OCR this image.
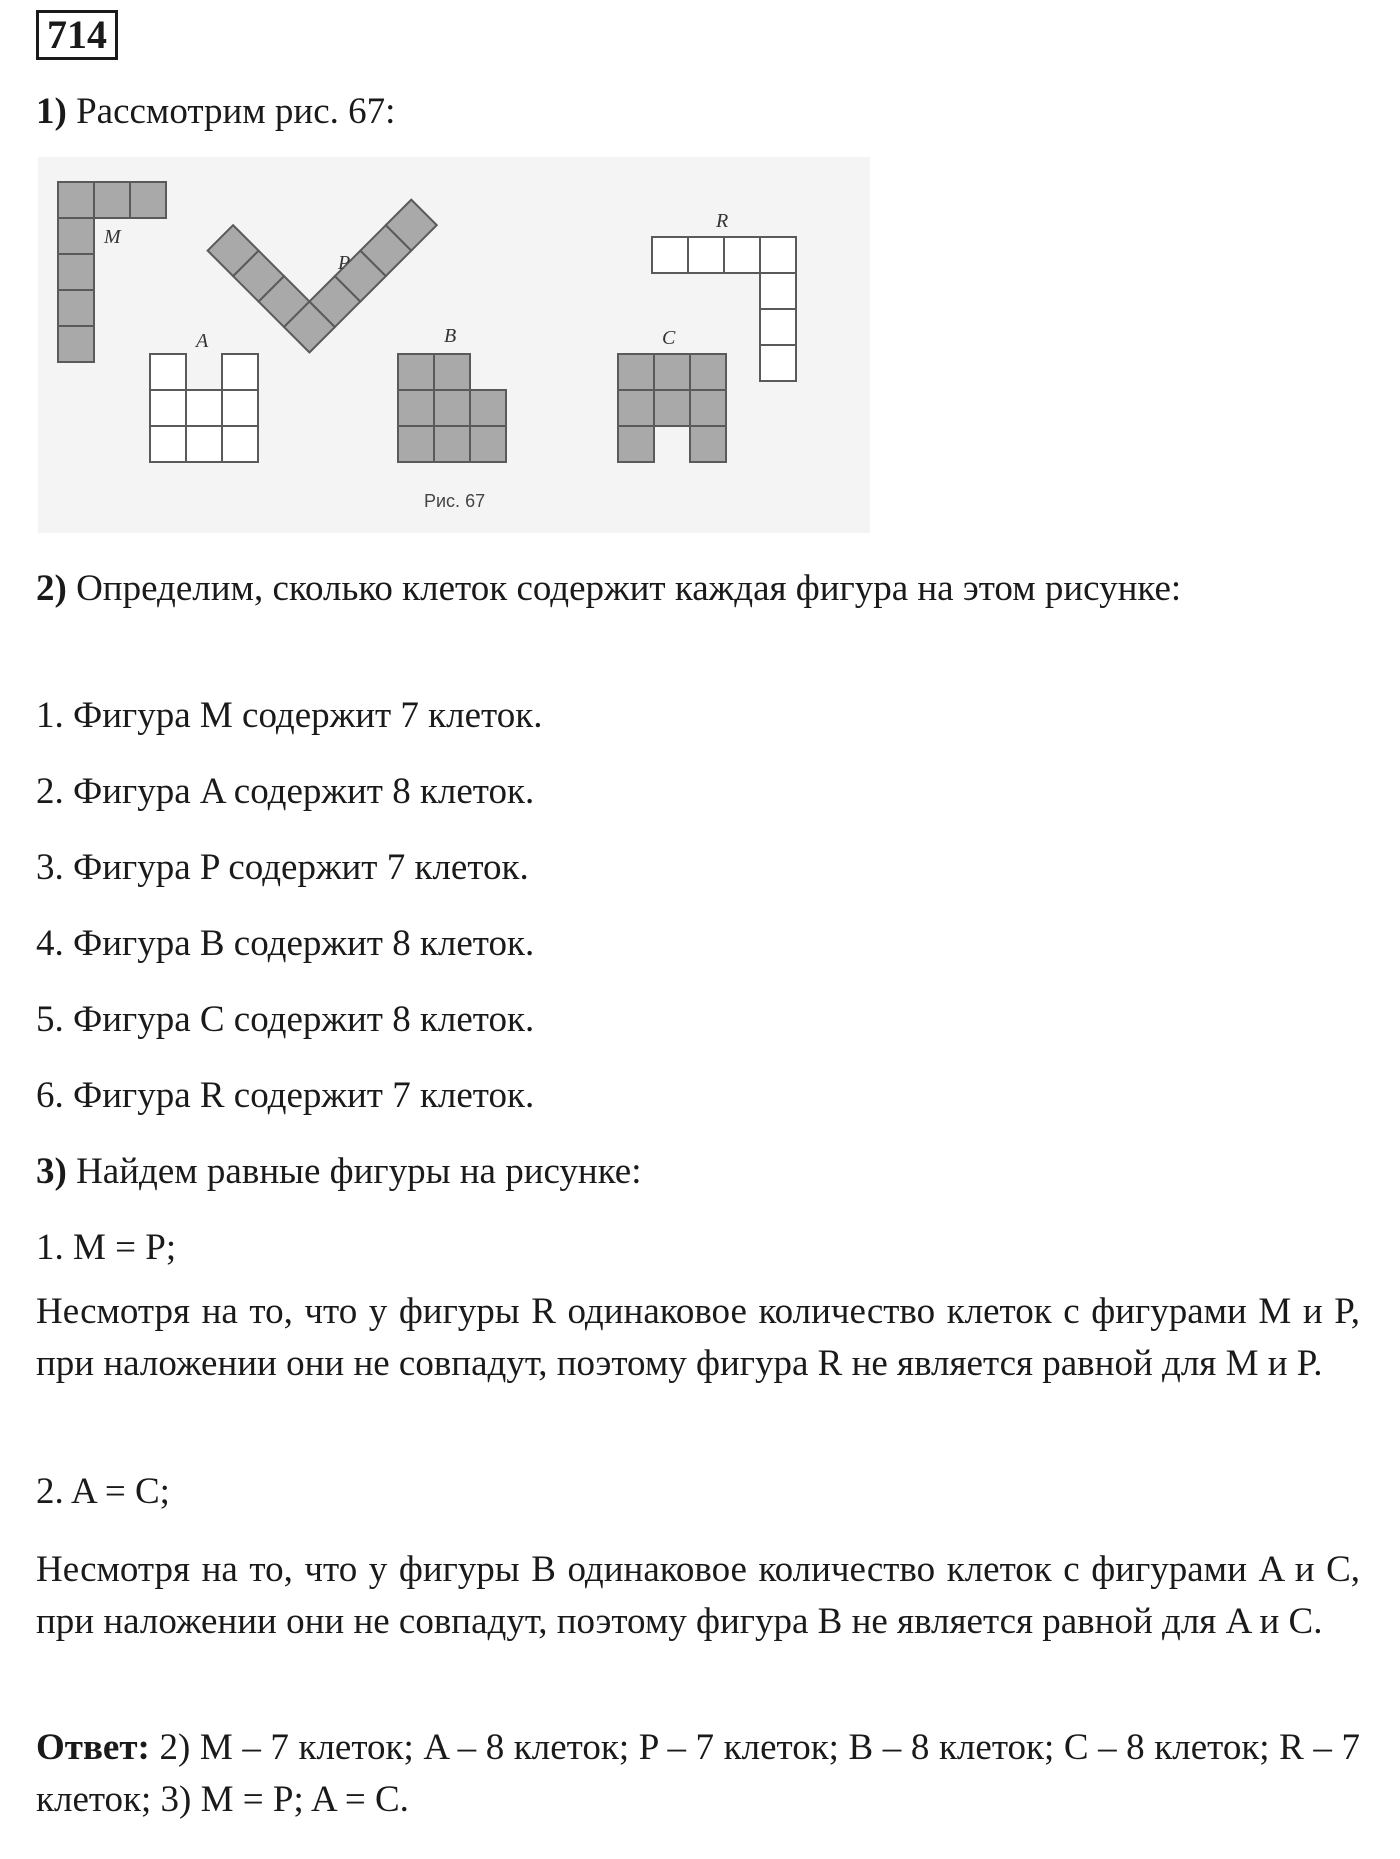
714

1) Рассмотрим рис. 67:

M
P
A	B	C
R
Рис. 67

2) Определим, сколько клеток содержит каждая фигура на этом рисунке:

1. Фигура M содержит 7 клеток.

2. Фигура A содержит 8 клеток.

3. Фигура P содержит 7 клеток.

4. Фигура B содержит 8 клеток.

5. Фигура C содержит 8 клеток.

6. Фигура R содержит 7 клеток.

3) Найдем равные фигуры на рисунке:

1. M = P;

Несмотря на то, что у фигуры R одинаковое количество клеток с фигурами M и P, при наложении они не совпадут, поэтому фигура R не является равной для M и P.

2. A = C;

Несмотря на то, что у фигуры B одинаковое количество клеток с фигурами A и C, при наложении они не совпадут, поэтому фигура B не является равной для A и C.

Ответ: 2) M – 7 клеток; A – 8 клеток; P – 7 клеток; B – 8 клеток; C – 8 клеток; R – 7 клеток; 3) M = P; A = C.
